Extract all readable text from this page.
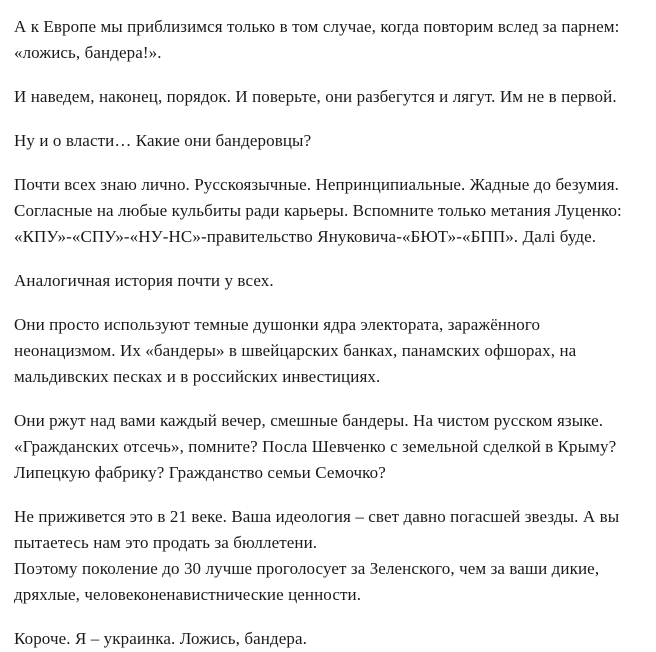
А к Европе мы приблизимся только в том случае, когда повторим вслед за парнем: «ложись, бандера!».

И наведем, наконец, порядок. И поверьте, они разбегутся и лягут. Им не в первой.

Ну и о власти… Какие они бандеровцы?

Почти всех знаю лично. Русскоязычные. Непринципиальные. Жадные до безумия. Согласные на любые кульбиты ради карьеры. Вспомните только метания Луценко: «КПУ»-«СПУ»-«НУ-НС»-правительство Януковича-«БЮТ»-«БПП». Далі буде.

Аналогичная история почти у всех.

Они просто используют темные душонки ядра электората, заражённого неонацизмом. Их «бандеры» в швейцарских банках, панамских офшорах, на мальдивских песках и в российских инвестициях.

Они ржут над вами каждый вечер, смешные бандеры. На чистом русском языке. «Гражданских отсечь», помните? Посла Шевченко с земельной сделкой в Крыму? Липецкую фабрику? Гражданство семьи Семочко?

Не приживется это в 21 веке. Ваша идеология – свет давно погасшей звезды. А вы пытаетесь нам это продать за бюллетени.

Поэтому поколение до 30 лучше проголосует за Зеленского, чем за ваши дикие, дряхлые, человеконенавистнические ценности.

Короче. Я – украинка. Ложись, бандера.
